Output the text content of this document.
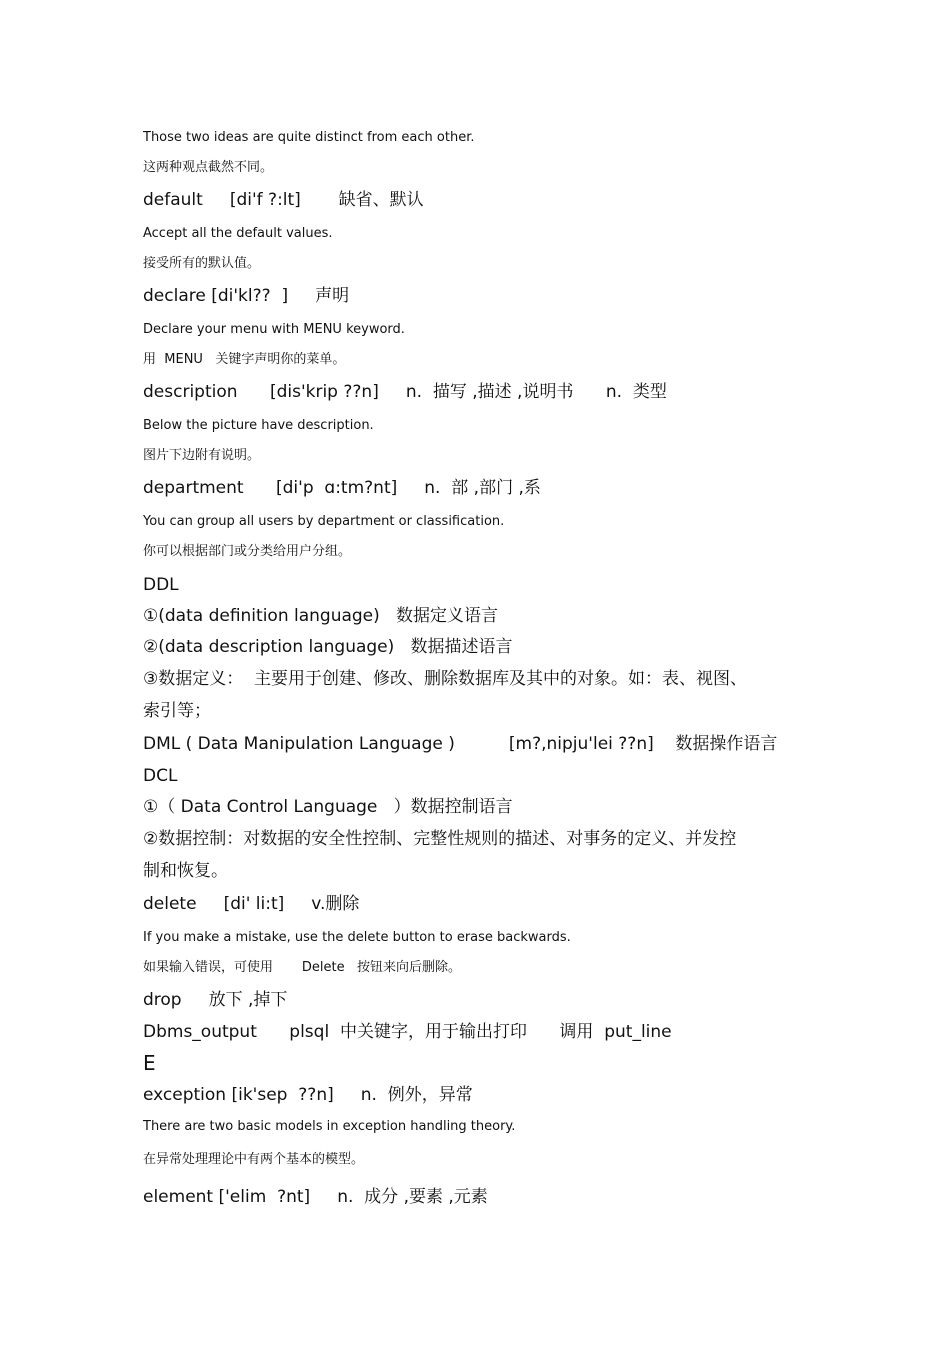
Those two ideas are quite distinct from each other.
这两种观点截然不同。
default     [di'f ?:lt]       缺省、默认
Accept all the default values.
接受所有的默认值。
declare [di'kl??  ]     声明
Declare your menu with MENU keyword.
用  MENU   关键字声明你的菜单。
description      [dis'krip ??n]     n.  描写 ,描述 ,说明书      n.  类型
Below the picture have description.
图片下边附有说明。
department      [di'p  ɑ:tm?nt]     n.  部 ,部门 ,系
You can group all users by department or classification.
你可以根据部门或分类给用户分组。
DDL
①(data definition language)   数据定义语言
②(data description language)   数据描述语言
③数据定义：  主要用于创建、修改、删除数据库及其中的对象。如：表、视图、
索引等；
DML ( Data Manipulation Language )          [m?,nipju'lei ??n]    数据操作语言
DCL
①（ Data Control Language   ）数据控制语言
②数据控制：对数据的安全性控制、完整性规则的描述、对事务的定义、并发控
制和恢复。
delete     [di' li:t]     v.删除
If you make a mistake, use the delete button to erase backwards.
如果输入错误，可使用       Delete   按钮来向后删除。
drop     放下 ,掉下
Dbms_output      plsql  中关键字，用于输出打印      调用  put_line
E
exception [ik'sep  ??n]     n.  例外，异常
There are two basic models in exception handling theory.
在异常处理理论中有两个基本的模型。
element ['elim  ?nt]     n.  成分 ,要素 ,元素
